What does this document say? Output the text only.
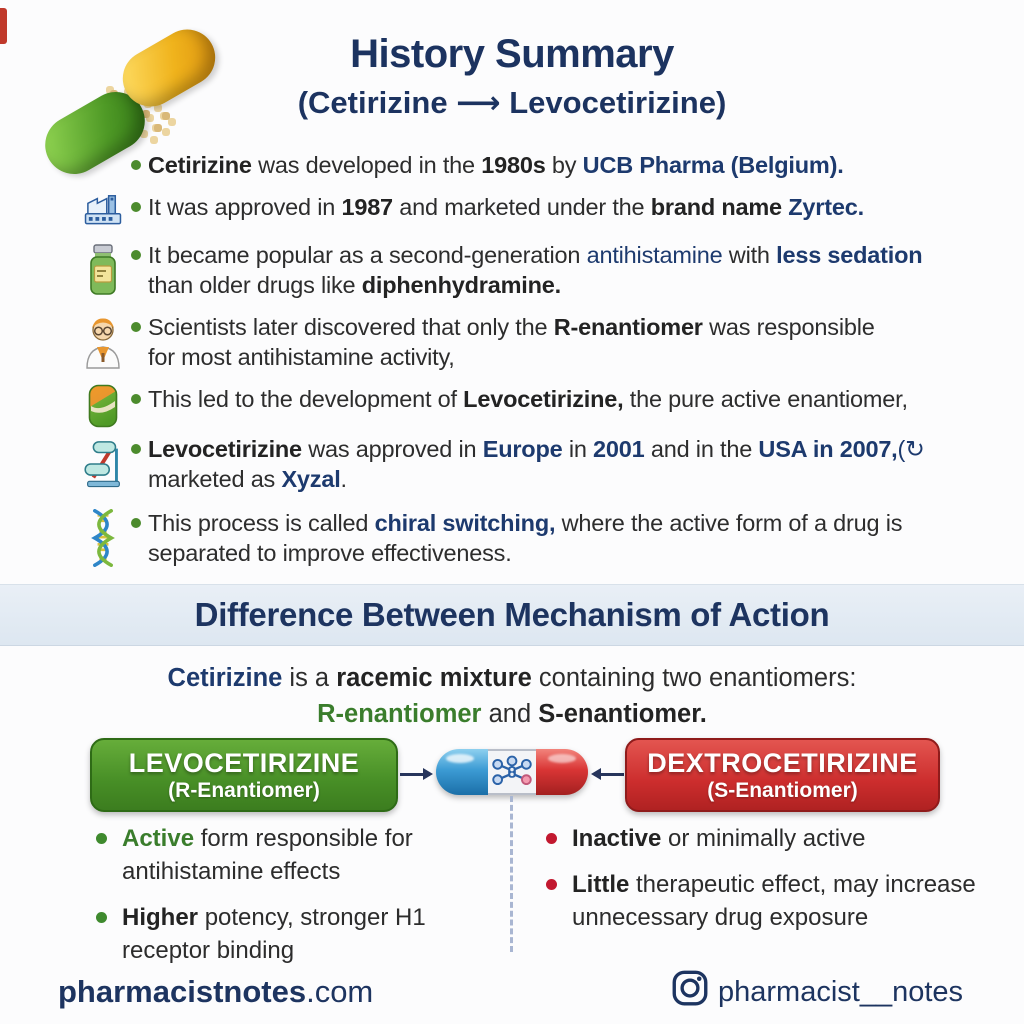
History Summary
(Cetirizine ⟶ Levocetirizine)
Cetirizine was developed in the 1980s by UCB Pharma (Belgium).
It was approved in 1987 and marketed under the brand name Zyrtec.
It became popular as a second-generation antihistamine with less sedation
than older drugs like diphenhydramine.
Scientists later discovered that only the R-enantiomer was responsible
for most antihistamine activity,
This led to the development of Levocetirizine, the pure active enantiomer,
Levocetirizine was approved in Europe in 2001 and in the USA in 2007,(↻
marketed as Xyzal.
This process is called chiral switching, where the active form of a drug is
separated to improve effectiveness.
Difference Between Mechanism of Action
Cetirizine is a racemic mixture containing two enantiomers:
R-enantiomer and S-enantiomer.
LEVOCETIRIZINE
(R-Enantiomer)
DEXTROCETIRIZINE
(S-Enantiomer)
Active form responsible for
antihistamine effects
Higher potency, stronger H1
receptor binding
Inactive or minimally active
Little therapeutic effect, may increase
unnecessary drug exposure
pharmacistnotes.com	pharmacist__notes
